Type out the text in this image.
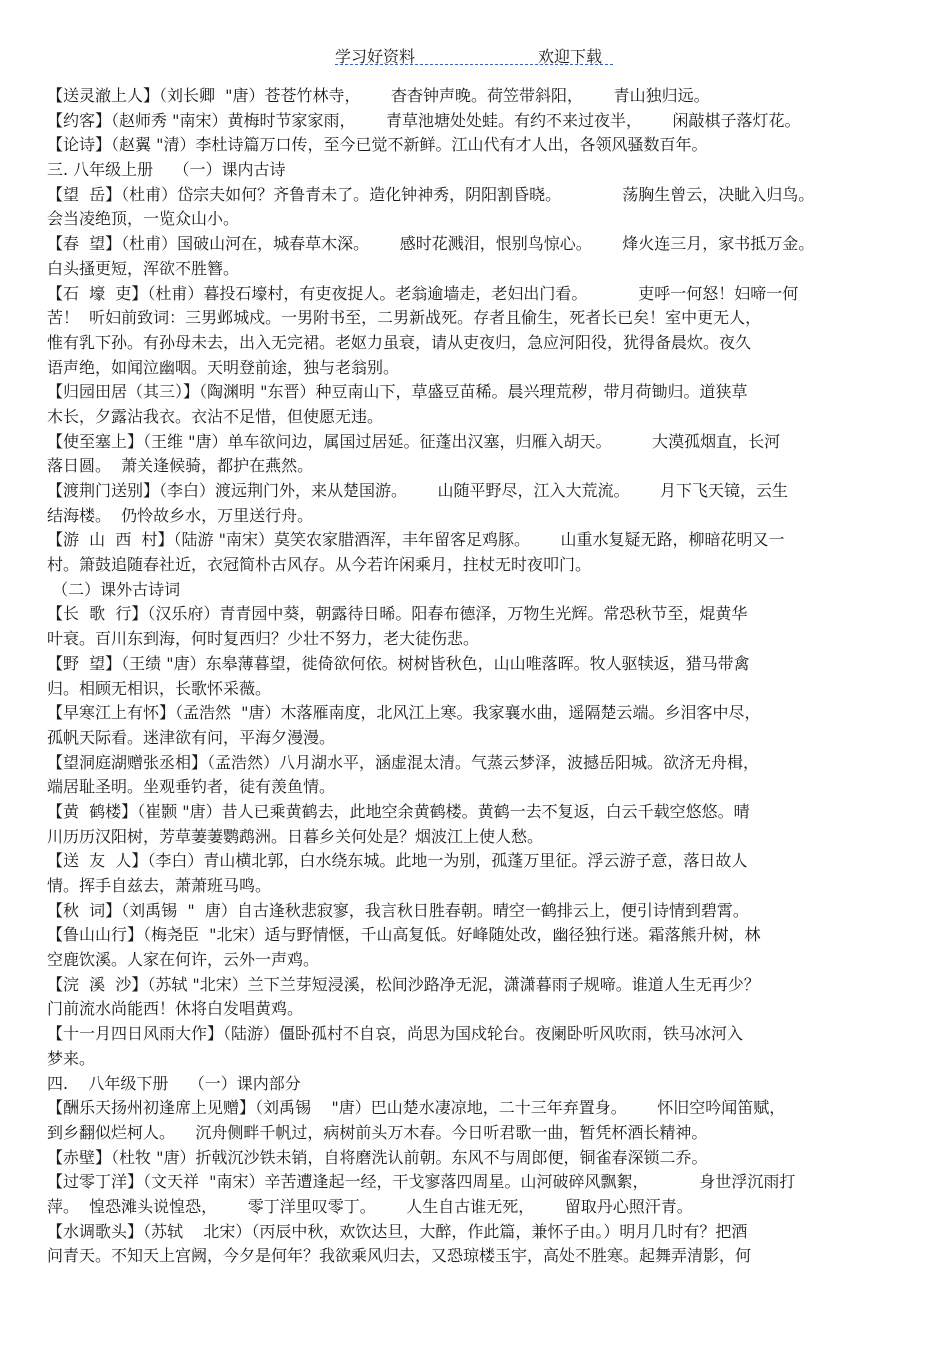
学习好资料	欢迎下载
【送灵澈上人】（刘长卿  "唐）苍苍竹林寺，      杳杳钟声晚。荷笠带斜阳，      青山独归远。
【约客】（赵师秀 "南宋）黄梅时节家家雨，      青草池塘处处蛙。有约不来过夜半，      闲敲棋子落灯花。
【论诗】（赵翼 "清）李杜诗篇万口传，至今已觉不新鲜。江山代有才人出，各领风骚数百年。
三. 八年级上册    （一）课内古诗
【望  岳】（杜甫）岱宗夫如何？齐鲁青未了。造化钟神秀，阴阳割昏晓。            荡胸生曾云，决眦入归鸟。
会当凌绝顶，一览众山小。
【春  望】（杜甫）国破山河在，城春草木深。      感时花溅泪，恨别鸟惊心。      烽火连三月，家书抵万金。
白头搔更短，浑欲不胜簪。
【石  壕  吏】（杜甫）暮投石壕村，有吏夜捉人。老翁逾墙走，老妇出门看。          吏呼一何怒！妇啼一何
苦！  听妇前致词：三男邺城戍。一男附书至，二男新战死。存者且偷生，死者长已矣！室中更无人，
惟有乳下孙。有孙母未去，出入无完裙。老妪力虽衰，请从吏夜归，急应河阳役，犹得备晨炊。夜久
语声绝，如闻泣幽咽。天明登前途，独与老翁别。
【归园田居（其三）】（陶渊明 "东晋）种豆南山下，草盛豆苗稀。晨兴理荒秽，带月荷锄归。道狭草
木长，夕露沾我衣。衣沾不足惜，但使愿无违。
【使至塞上】（王维 "唐）单车欲问边，属国过居延。征蓬出汉塞，归雁入胡天。        大漠孤烟直，长河
落日圆。  萧关逢候骑，都护在燕然。
【渡荆门送别】（李白）渡远荆门外，来从楚国游。      山随平野尽，江入大荒流。      月下飞天镜，云生
结海楼。  仍怜故乡水，万里送行舟。
【游  山  西  村】（陆游 "南宋）莫笑农家腊酒浑，丰年留客足鸡豚。      山重水复疑无路，柳暗花明又一
村。箫鼓追随春社近，衣冠简朴古风存。从今若许闲乘月，拄杖无时夜叩门。
（二）课外古诗词
【长  歌  行】（汉乐府）青青园中葵，朝露待日晞。阳春布德泽，万物生光辉。常恐秋节至，焜黄华
叶衰。百川东到海，何时复西归？少壮不努力，老大徒伤悲。
【野  望】（王绩 "唐）东皋薄暮望，徙倚欲何依。树树皆秋色，山山唯落晖。牧人驱犊返，猎马带禽
归。相顾无相识，长歌怀采薇。
【早寒江上有怀】（孟浩然  "唐）木落雁南度，北风江上寒。我家襄水曲，遥隔楚云端。乡泪客中尽，
孤帆天际看。迷津欲有问，平海夕漫漫。
【望洞庭湖赠张丞相】（孟浩然）八月湖水平，涵虚混太清。气蒸云梦泽，波撼岳阳城。欲济无舟楫，
端居耻圣明。坐观垂钓者，徒有羡鱼情。
【黄  鹤楼】（崔颢 "唐）昔人已乘黄鹤去，此地空余黄鹤楼。黄鹤一去不复返，白云千载空悠悠。晴
川历历汉阳树，芳草萋萋鹦鹉洲。日暮乡关何处是？烟波江上使人愁。
【送  友  人】（李白）青山横北郭，白水绕东城。此地一为别，孤蓬万里征。浮云游子意，落日故人
情。挥手自兹去，萧萧班马鸣。
【秋  词】（刘禹锡  "  唐）自古逢秋悲寂寥，我言秋日胜春朝。晴空一鹤排云上，便引诗情到碧霄。
【鲁山山行】（梅尧臣  "北宋）适与野情惬，千山高复低。好峰随处改，幽径独行迷。霜落熊升树，林
空鹿饮溪。人家在何许，云外一声鸡。
【浣  溪  沙】（苏轼 "北宋）兰下兰芽短浸溪，松间沙路净无泥，潇潇暮雨子规啼。谁道人生无再少？
门前流水尚能西！休将白发唱黄鸡。
【十一月四日风雨大作】（陆游）僵卧孤村不自哀，尚思为国戍轮台。夜阑卧听风吹雨，铁马冰河入
梦来。
四.    八年级下册    （一）课内部分
【酬乐天扬州初逢席上见赠】（刘禹锡    "唐）巴山楚水凄凉地，二十三年弃置身。      怀旧空吟闻笛赋，
到乡翻似烂柯人。    沉舟侧畔千帆过，病树前头万木春。今日听君歌一曲，暂凭杯酒长精神。
【赤壁】（杜牧 "唐）折戟沉沙铁未销，自将磨洗认前朝。东风不与周郎便，铜雀春深锁二乔。
【过零丁洋】（文天祥  "南宋）辛苦遭逢起一经，干戈寥落四周星。山河破碎风飘絮，          身世浮沉雨打
萍。  惶恐滩头说惶恐，      零丁洋里叹零丁。      人生自古谁无死，      留取丹心照汗青。
【水调歌头】（苏轼    北宋）（丙辰中秋，欢饮达旦，大醉，作此篇，兼怀子由。）明月几时有？把酒
问青天。不知天上宫阙，今夕是何年？我欲乘风归去，又恐琼楼玉宇，高处不胜寒。起舞弄清影，何
